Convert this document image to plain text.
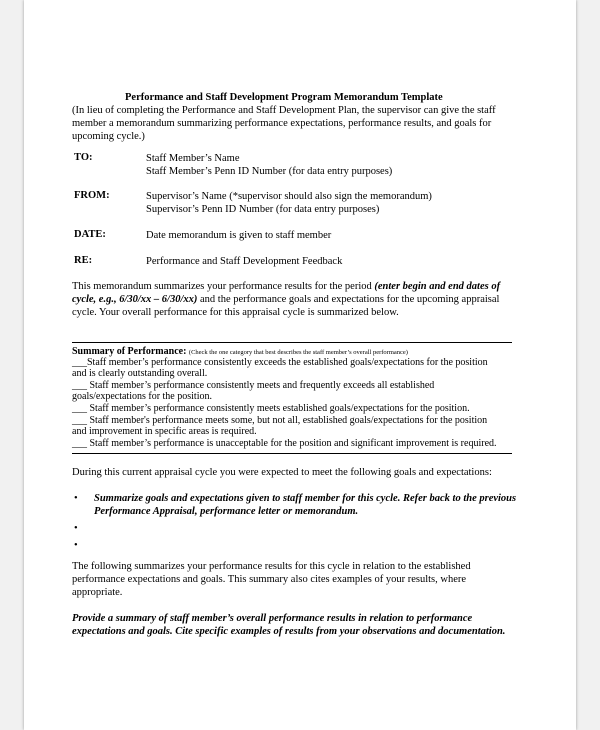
Performance and Staff Development Program Memorandum Template
(In lieu of completing the Performance and Staff Development Plan, the supervisor can give the staff member a memorandum summarizing performance expectations, performance results, and goals for upcoming cycle.)
TO:	Staff Member’s Name
Staff Member’s Penn ID Number (for data entry purposes)
FROM:	Supervisor’s Name (*supervisor should also sign the memorandum)
Supervisor’s Penn ID Number (for data entry purposes)
DATE:	Date memorandum is given to staff member
RE:	Performance and Staff Development Feedback
This memorandum summarizes your performance results for the period (enter begin and end dates of cycle, e.g., 6/30/xx – 6/30/xx) and the performance goals and expectations for the upcoming appraisal cycle. Your overall performance for this appraisal cycle is summarized below.
Summary of Performance: (Check the one category that best describes the staff member’s overall performance)
___Staff member’s performance consistently exceeds the established goals/expectations for the position
and is clearly outstanding overall.
___ Staff member’s performance consistently meets and frequently exceeds all established
goals/expectations for the position.
___ Staff member’s performance consistently meets established goals/expectations for the position.
___ Staff member's performance meets some, but not all, established goals/expectations for the position
and improvement in specific areas is required.
___ Staff member’s performance is unacceptable for the position and significant improvement is required.
During this current appraisal cycle you were expected to meet the following goals and expectations:
•	Summarize goals and expectations given to staff member for this cycle. Refer back to the previous Performance Appraisal, performance letter or memorandum.
•
•
The following summarizes your performance results for this cycle in relation to the established performance expectations and goals. This summary also cites examples of your results, where appropriate.
Provide a summary of staff member’s overall performance results in relation to performance expectations and goals. Cite specific examples of results from your observations and documentation.
